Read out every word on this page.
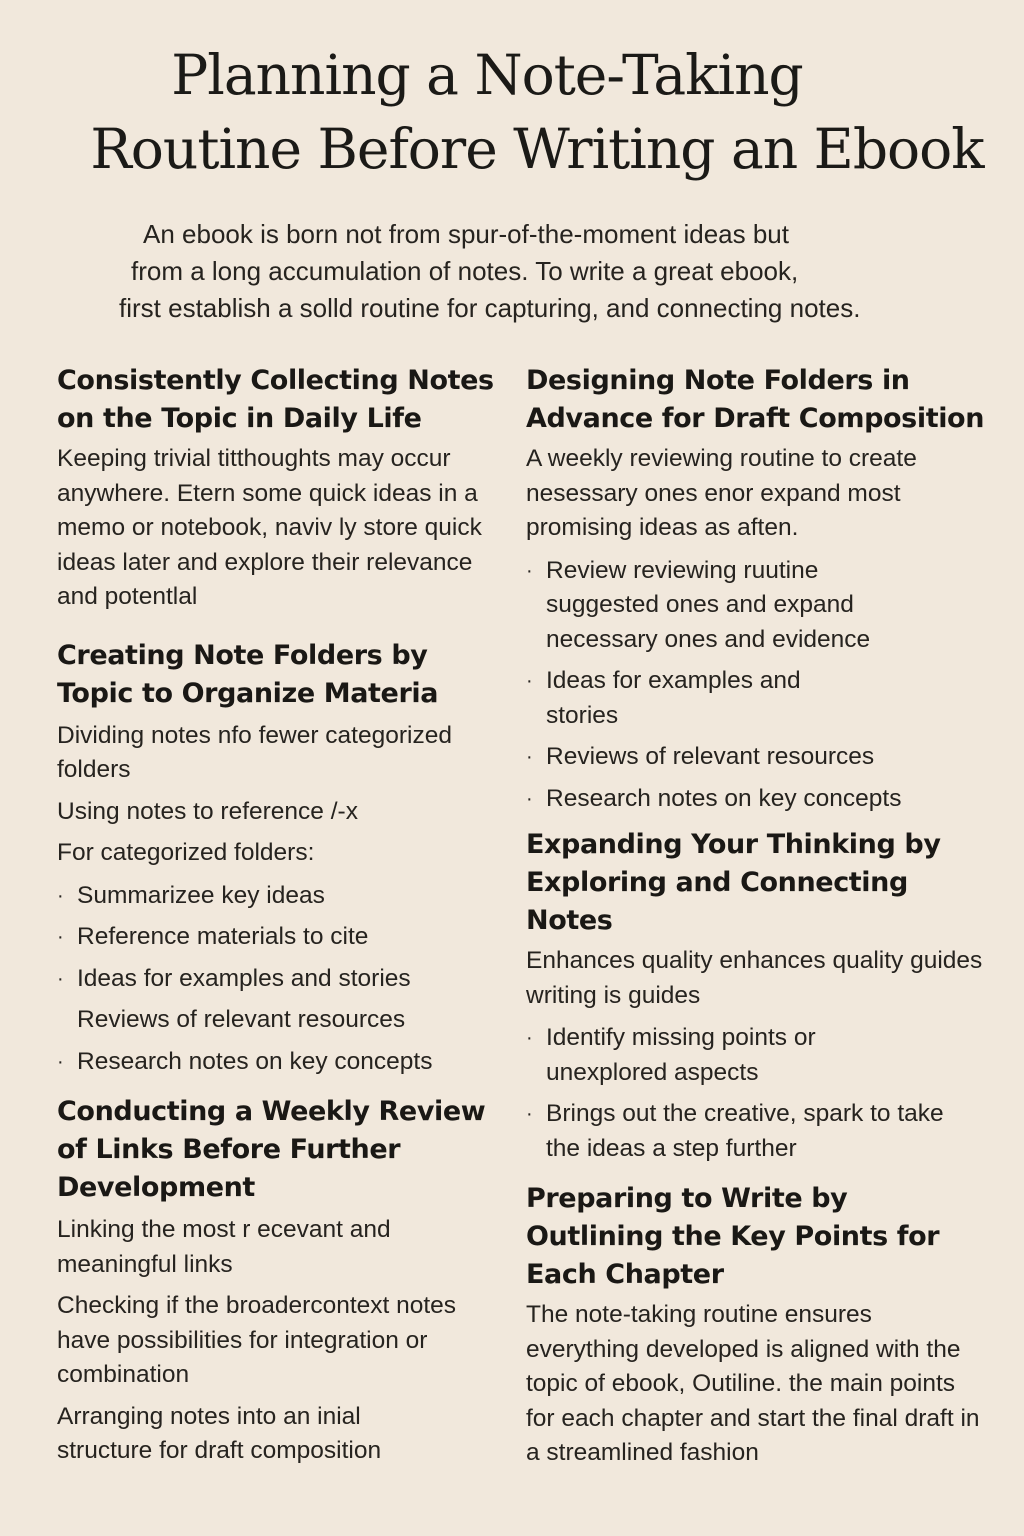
Planning a Note-Taking
Routine Before Writing an Ebook
An ebook is born not from spur-of-the-moment ideas but
from a long accumulation of notes. To write a great ebook,
first establish a solld routine for capturing, and connecting notes.
Consistently Collecting Notes on the Topic in Daily Life

Keeping trivial titthoughts may occur anywhere. Etern some quick ideas in a memo or notebook, naviv ly store quick ideas later and explore their relevance and potentlal

Creating Note Folders by Topic to Organize Materia

Dividing notes nfo fewer categorized folders

Using notes to reference /-x

For categorized folders:

· Summarizee key ideas
· Reference materials to cite
· Ideas for examples and stories
Reviews of relevant resources
· Research notes on key concepts
Conducting a Weekly Review of Links Before Further Development

Linking the most r ecevant and meaningful links

Checking if the broadercontext notes have possibilities for integration or combination

Arranging notes into an inial structure for draft composition

Designing Note Folders in Advance for Draft Composition

A weekly reviewing routine to create nesessary ones enor expand most promising ideas as aften.

· Review reviewing ruutine suggested ones and expand necessary ones and evidence
· Ideas for examples and stories
· Reviews of relevant resources
· Research notes on key concepts
Expanding Your Thinking by Exploring and Connecting Notes

Enhances quality enhances quality guides writing is guides

· Identify missing points or unexplored aspects
· Brings out the creative, spark to take the ideas a step further
Preparing to Write by Outlining the Key Points for Each Chapter

The note-taking routine ensures everything developed is aligned with the topic of ebook, Outiline. the main points for each chapter and start the final draft in a streamlined fashion
